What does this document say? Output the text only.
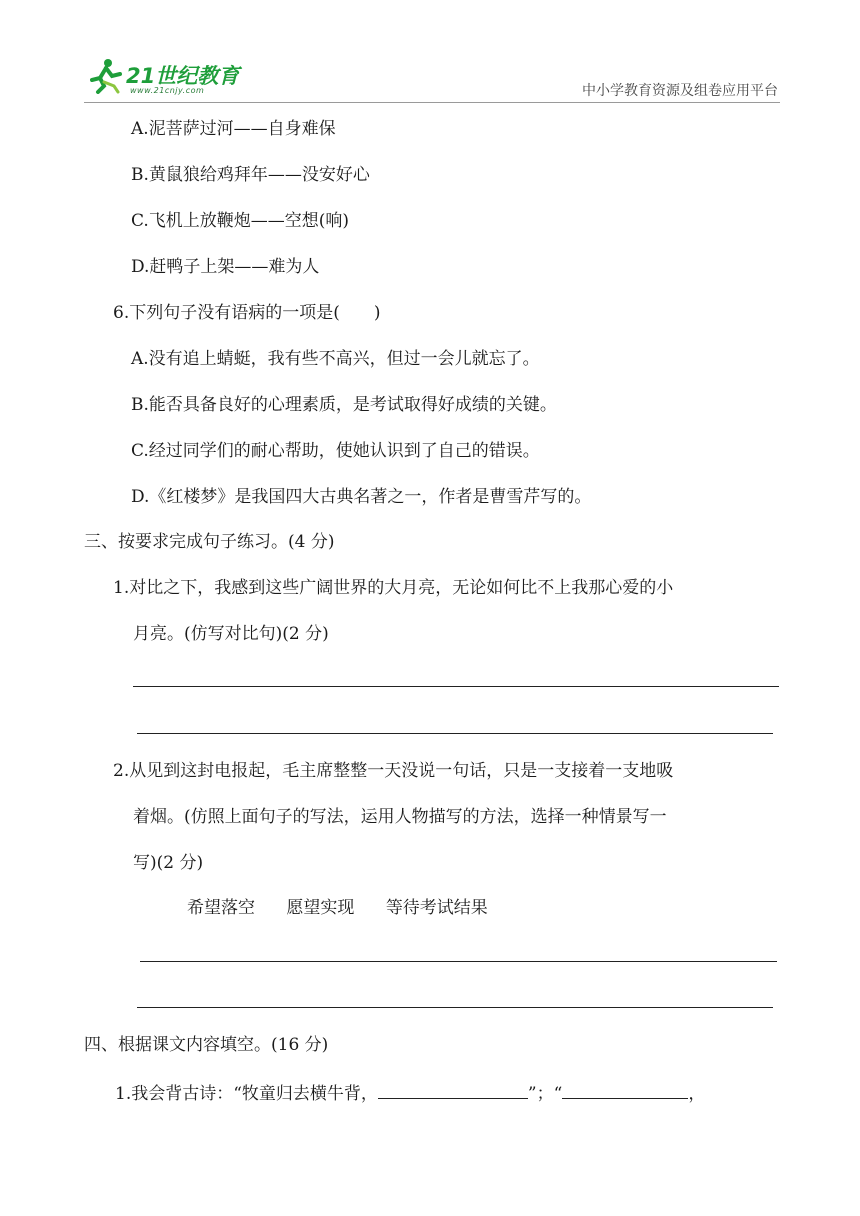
21世纪教育
www.21cnjy.com	中小学教育资源及组卷应用平台
A.泥菩萨过河——自身难保
B.黄鼠狼给鸡拜年——没安好心
C.飞机上放鞭炮——空想(响)
D.赶鸭子上架——难为人
6.下列句子没有语病的一项是(　　)
A.没有追上蜻蜓，我有些不高兴，但过一会儿就忘了。
B.能否具备良好的心理素质，是考试取得好成绩的关键。
C.经过同学们的耐心帮助，使她认识到了自己的错误。
D.《红楼梦》是我国四大古典名著之一，作者是曹雪芹写的。
三、按要求完成句子练习。(4 分)
1.对比之下，我感到这些广阔世界的大月亮，无论如何比不上我那心爱的小
月亮。(仿写对比句)(2 分)
2.从见到这封电报起，毛主席整整一天没说一句话，只是一支接着一支地吸
着烟。(仿照上面句子的写法，运用人物描写的方法，选择一种情景写一
写)(2 分)
希望落空 愿望实现 等待考试结果
四、根据课文内容填空。(16 分)
1.我会背古诗：“牧童归去横牛背，	”；“	，
